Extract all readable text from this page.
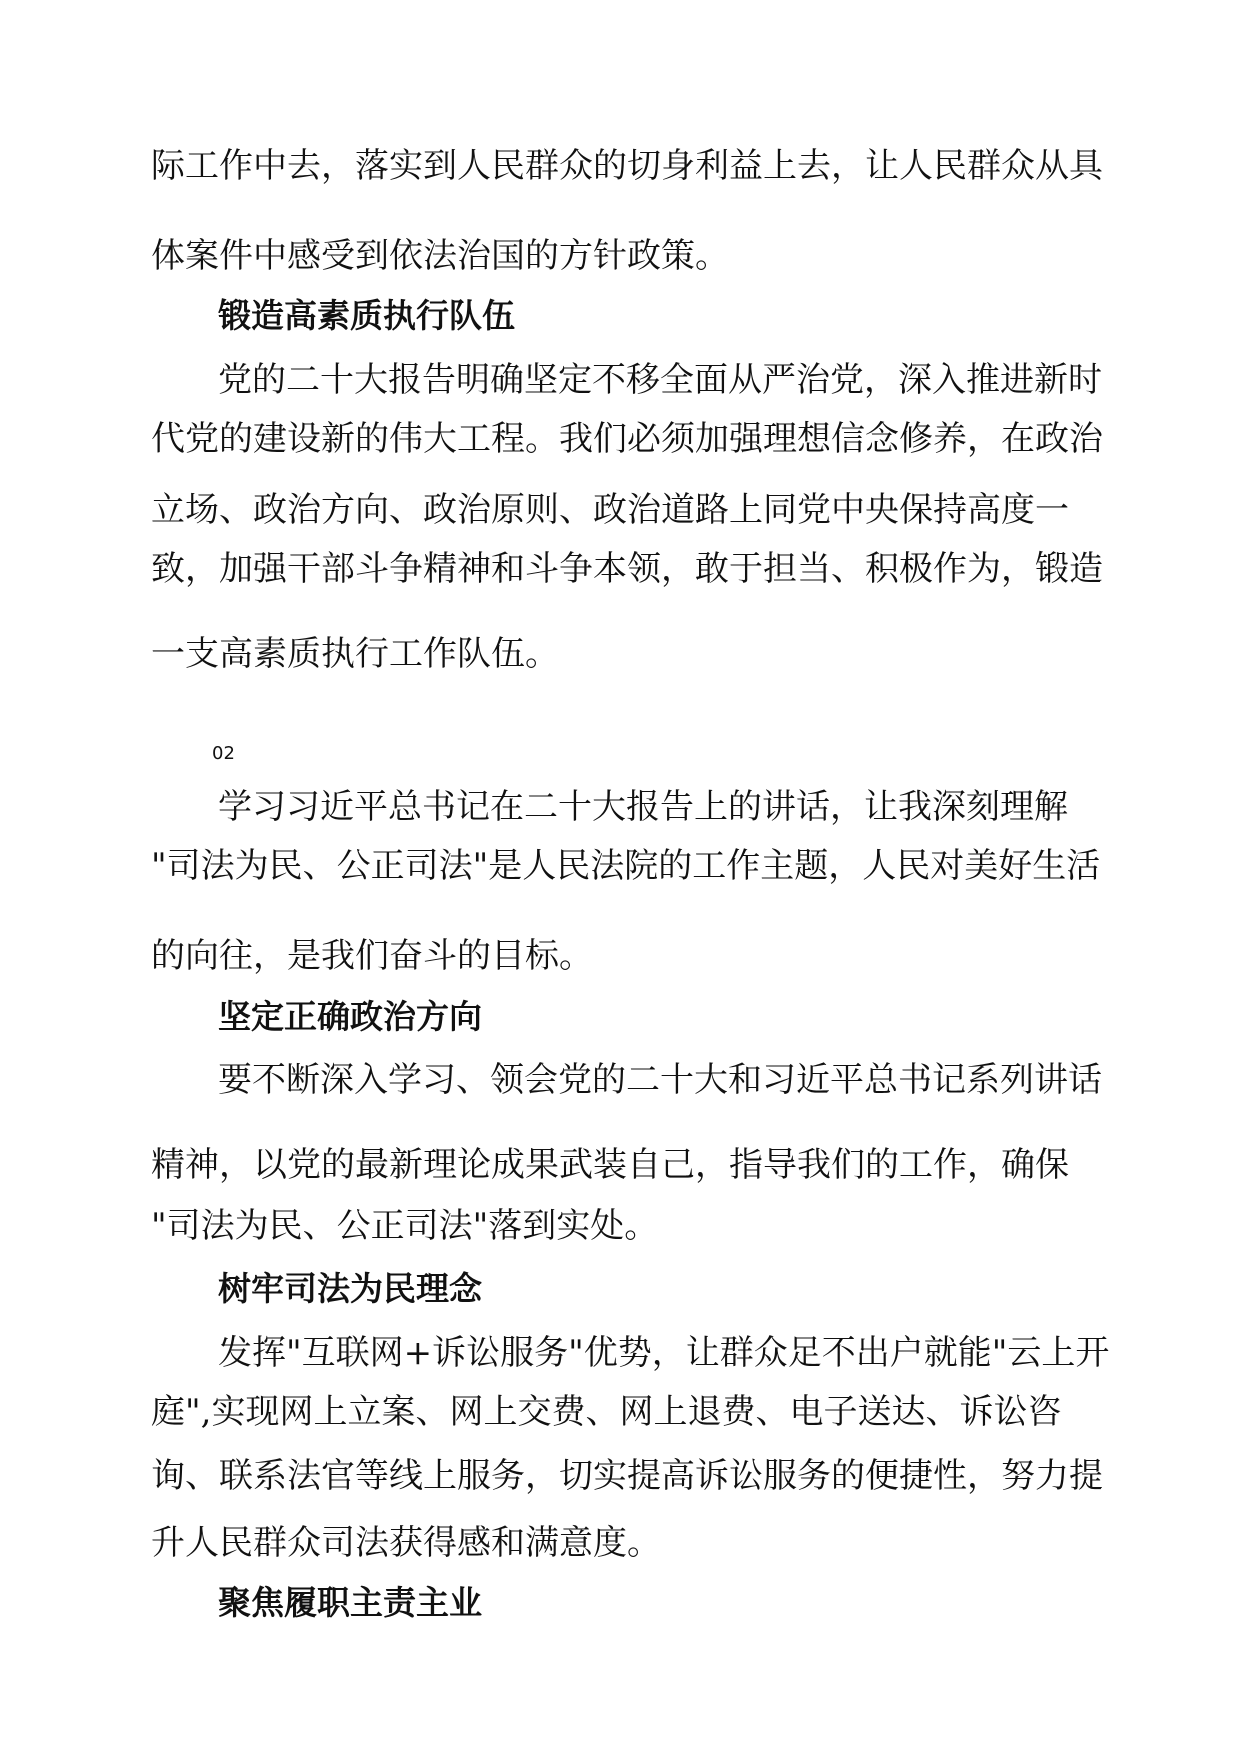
际工作中去，落实到人民群众的切身利益上去，让人民群众从具

体案件中感受到依法治国的方针政策。

锻造高素质执行队伍

党的二十大报告明确坚定不移全面从严治党，深入推进新时

代党的建设新的伟大工程。我们必须加强理想信念修养，在政治

立场、政治方向、政治原则、政治道路上同党中央保持高度一

致，加强干部斗争精神和斗争本领，敢于担当、积极作为，锻造

一支高素质执行工作队伍。

02

学习习近平总书记在二十大报告上的讲话，让我深刻理解

"司法为民、公正司法"是人民法院的工作主题，人民对美好生活

的向往，是我们奋斗的目标。

坚定正确政治方向

要不断深入学习、领会党的二十大和习近平总书记系列讲话

精神，以党的最新理论成果武装自己，指导我们的工作，确保

"司法为民、公正司法"落到实处。

树牢司法为民理念

发挥"互联网+诉讼服务"优势，让群众足不出户就能"云上开

庭",实现网上立案、网上交费、网上退费、电子送达、诉讼咨

询、联系法官等线上服务，切实提高诉讼服务的便捷性，努力提

升人民群众司法获得感和满意度。

聚焦履职主责主业
